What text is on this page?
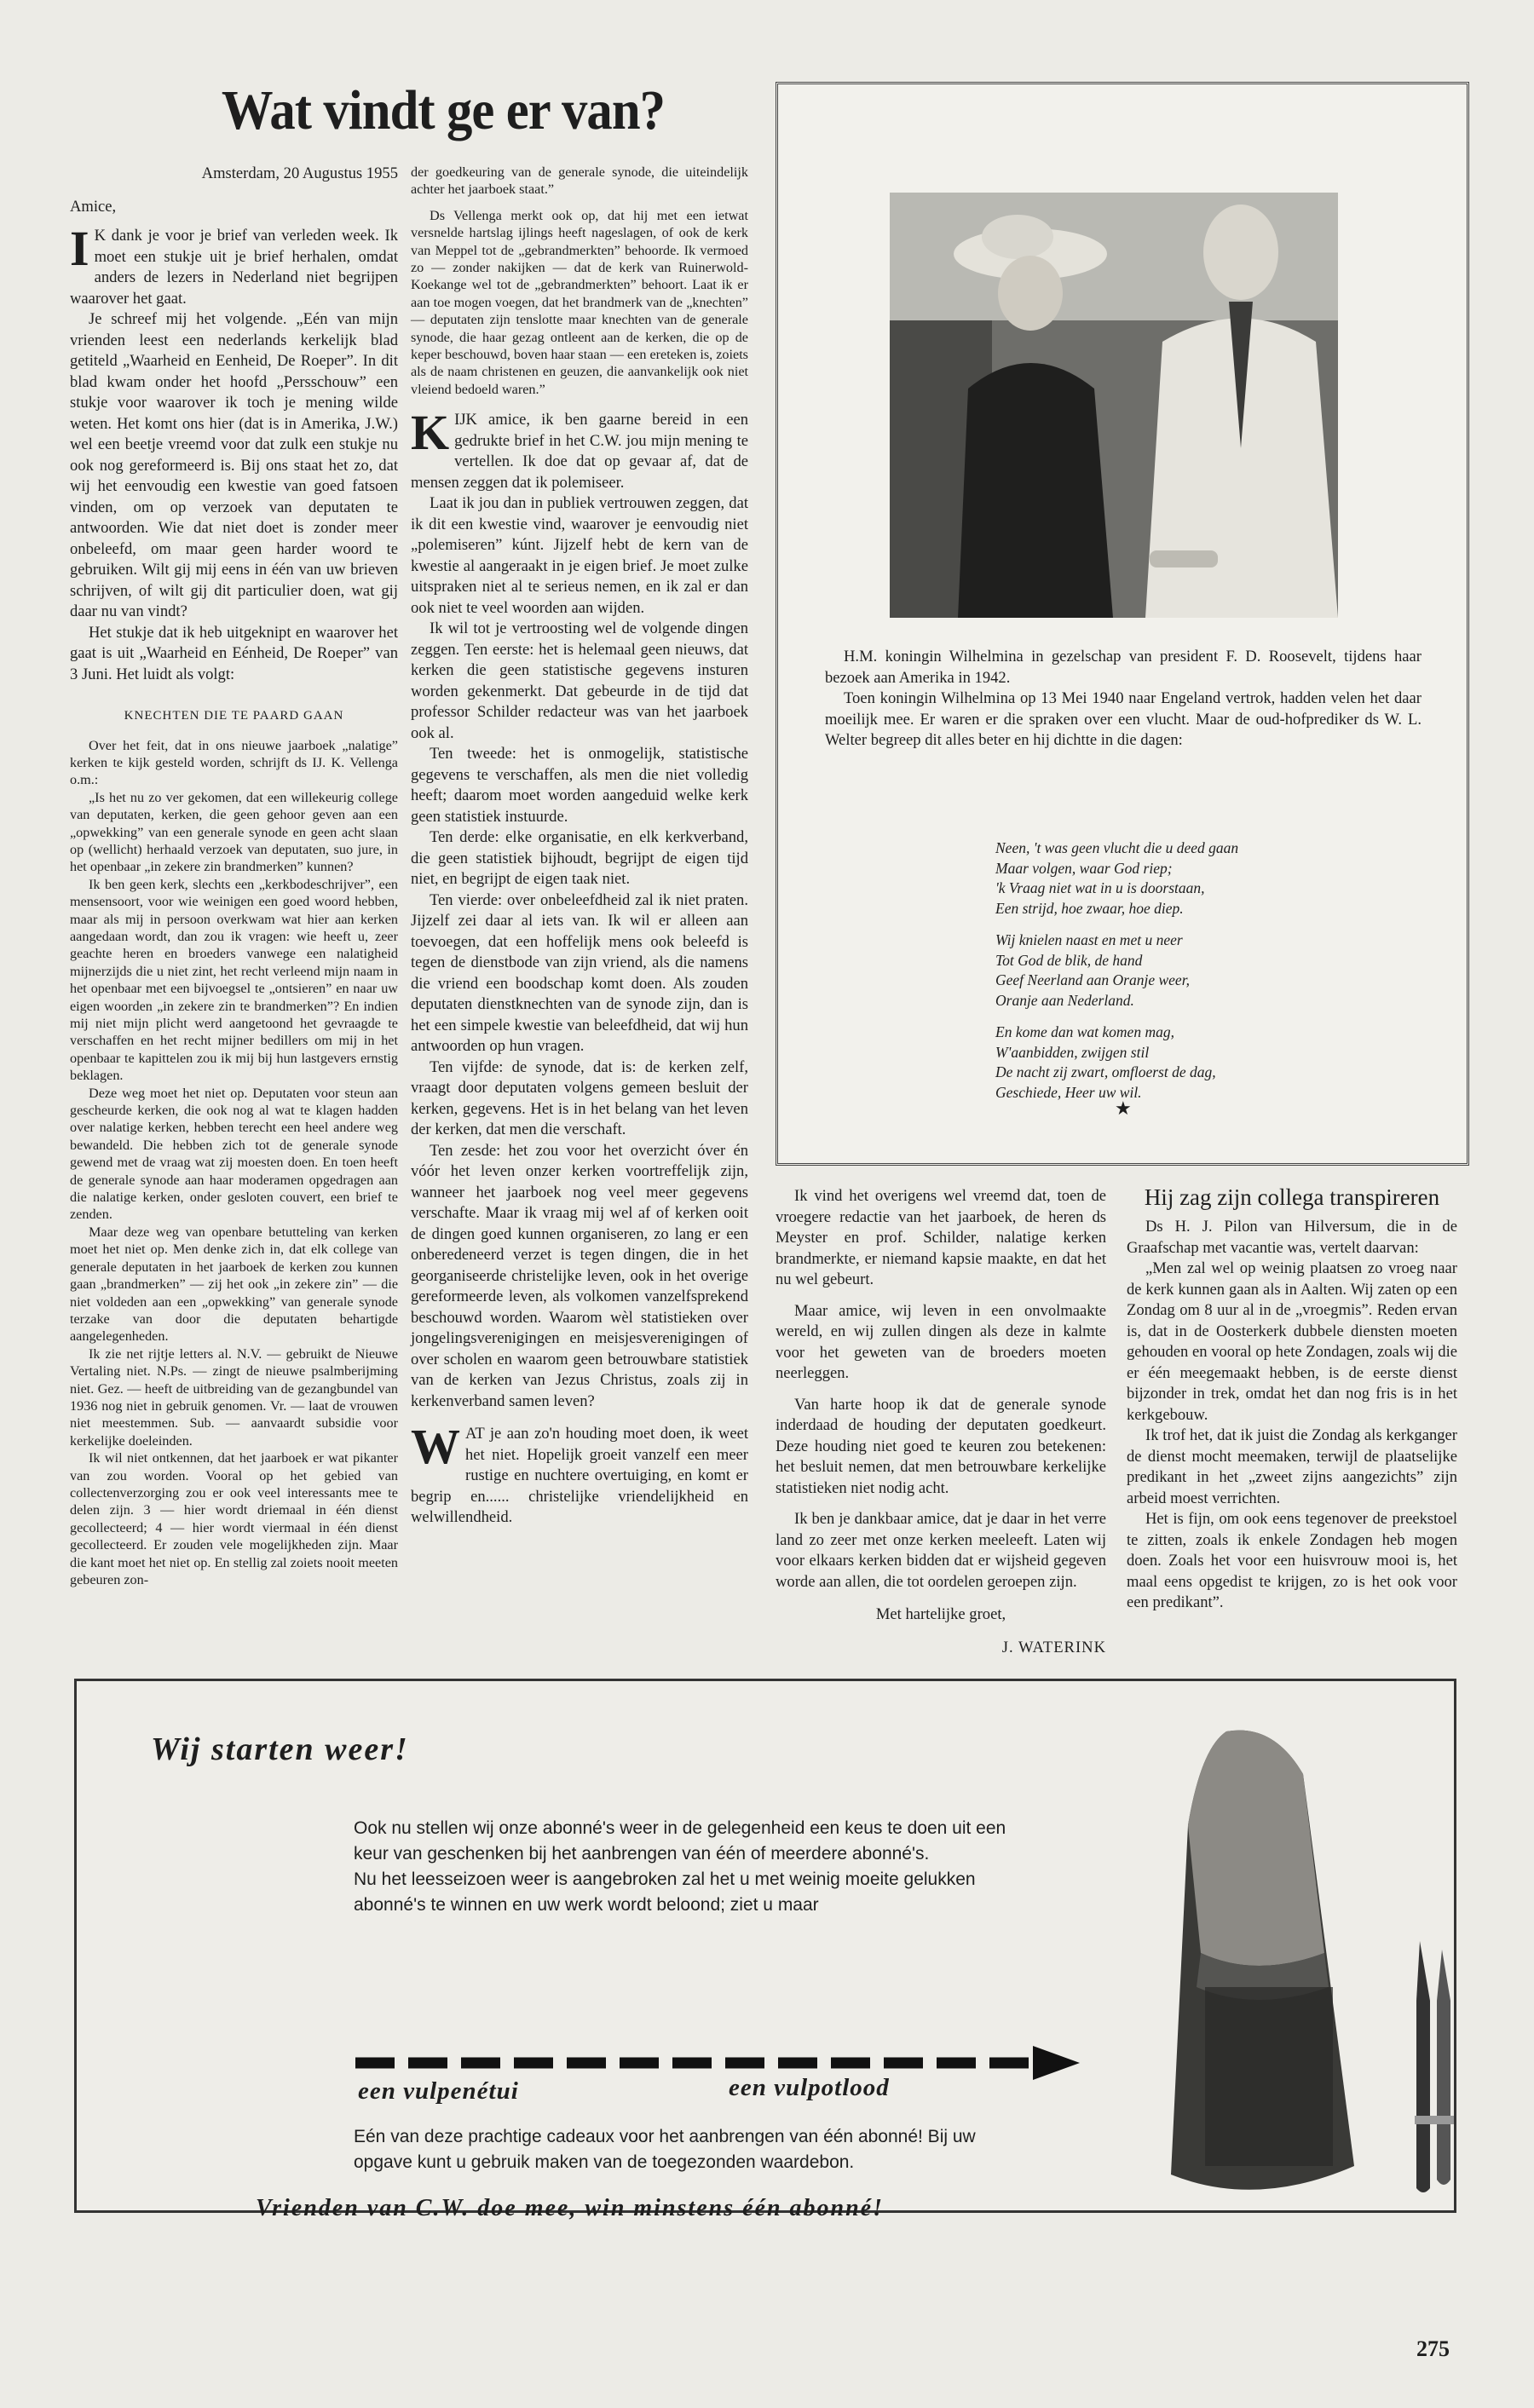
Wat vindt ge er van?
Amsterdam, 20 Augustus 1955

Amice,

I K dank je voor je brief van verleden week. Ik moet een stukje uit je brief herhalen, omdat anders de lezers in Nederland niet begrijpen waarover het gaat.

Je schreef mij het volgende. „Eén van mijn vrienden leest een nederlands kerkelijk blad getiteld „Waarheid en Eenheid, De Roeper”. In dit blad kwam onder het hoofd „Persschouw” een stukje voor waarover ik toch je mening wilde weten. Het komt ons hier (dat is in Amerika, J.W.) wel een beetje vreemd voor dat zulk een stukje nu ook nog gereformeerd is. Bij ons staat het zo, dat wij het eenvoudig een kwestie van goed fatsoen vinden, om op verzoek van deputaten te antwoorden. Wie dat niet doet is zonder meer onbeleefd, om maar geen harder woord te gebruiken. Wilt gij mij eens in één van uw brieven schrijven, of wilt gij dit particulier doen, wat gij daar nu van vindt?

Het stukje dat ik heb uitgeknipt en waarover het gaat is uit „Waarheid en Eénheid, De Roeper” van 3 Juni. Het luidt als volgt:

KNECHTEN DIE TE PAARD GAAN

Over het feit, dat in ons nieuwe jaarboek „nalatige” kerken te kijk gesteld worden, schrijft ds IJ. K. Vellenga o.m.:

„Is het nu zo ver gekomen, dat een willekeurig college van deputaten, kerken, die geen gehoor geven aan een „opwekking” van een generale synode en geen acht slaan op (wellicht) herhaald verzoek van deputaten, suo jure, in het openbaar „in zekere zin brandmerken” kunnen?

Ik ben geen kerk, slechts een „kerkbodeschrijver”, een mensensoort, voor wie weinigen een goed woord hebben, maar als mij in persoon overkwam wat hier aan kerken aangedaan wordt, dan zou ik vragen: wie heeft u, zeer geachte heren en broeders vanwege een nalatigheid mijnerzijds die u niet zint, het recht verleend mijn naam in het openbaar met een bijvoegsel te „ontsieren” en naar uw eigen woorden „in zekere zin te brandmerken”? En indien mij niet mijn plicht werd aangetoond het gevraagde te verschaffen en het recht mijner bedillers om mij in het openbaar te kapittelen zou ik mij bij hun lastgevers ernstig beklagen.

Deze weg moet het niet op. Deputaten voor steun aan gescheurde kerken, die ook nog al wat te klagen hadden over nalatige kerken, hebben terecht een heel andere weg bewandeld. Die hebben zich tot de generale synode gewend met de vraag wat zij moesten doen. En toen heeft de generale synode aan haar moderamen opgedragen aan die nalatige kerken, onder gesloten couvert, een brief te zenden.

Maar deze weg van openbare betutteling van kerken moet het niet op. Men denke zich in, dat elk college van generale deputaten in het jaarboek de kerken zou kunnen gaan „brandmerken” — zij het ook „in zekere zin” — die niet voldeden aan een „opwekking” van generale synode terzake van door die deputaten behartigde aangelegenheden.

Ik zie net rijtje letters al. N.V. — gebruikt de Nieuwe Vertaling niet. N.Ps. — zingt de nieuwe psalmberijming niet. Gez. — heeft de uitbreiding van de gezangbundel van 1936 nog niet in gebruik genomen. Vr. — laat de vrouwen niet meestemmen. Sub. — aanvaardt subsidie voor kerkelijke doeleinden.

Ik wil niet ontkennen, dat het jaarboek er wat pikanter van zou worden. Vooral op het gebied van collectenverzorging zou er ook veel interessants mee te delen zijn. 3 — hier wordt driemaal in één dienst gecollecteerd; 4 — hier wordt viermaal in één dienst gecollecteerd. Er zouden vele mogelijkheden zijn. Maar die kant moet het niet op. En stellig zal zoiets nooit meeten gebeuren zon-

der goedkeuring van de generale synode, die uiteindelijk achter het jaarboek staat.”

Ds Vellenga merkt ook op, dat hij met een ietwat versnelde hartslag ijlings heeft nageslagen, of ook de kerk van Meppel tot de „gebrandmerkten” behoorde. Ik vermoed zo — zonder nakijken — dat de kerk van Ruinerwold-Koekange wel tot de „gebrandmerkten” behoort. Laat ik er aan toe mogen voegen, dat het brandmerk van de „knechten” — deputaten zijn tenslotte maar knechten van de generale synode, die haar gezag ontleent aan de kerken, die op de keper beschouwd, boven haar staan — een ereteken is, zoiets als de naam christenen en geuzen, die aanvankelijk ook niet vleiend bedoeld waren.”

KIJK amice, ik ben gaarne bereid in een gedrukte brief in het C.W. jou mijn mening te vertellen. Ik doe dat op gevaar af, dat de mensen zeggen dat ik polemiseer.

Laat ik jou dan in publiek vertrouwen zeggen, dat ik dit een kwestie vind, waarover je eenvoudig niet „polemiseren” kúnt. Jijzelf hebt de kern van de kwestie al aangeraakt in je eigen brief. Je moet zulke uitspraken niet al te serieus nemen, en ik zal er dan ook niet te veel woorden aan wijden.

Ik wil tot je vertroosting wel de volgende dingen zeggen. Ten eerste: het is helemaal geen nieuws, dat kerken die geen statistische gegevens insturen worden gekenmerkt. Dat gebeurde in de tijd dat professor Schilder redacteur was van het jaarboek ook al.

Ten tweede: het is onmogelijk, statistische gegevens te verschaffen, als men die niet volledig heeft; daarom moet worden aangeduid welke kerk geen statistiek instuurde.

Ten derde: elke organisatie, en elk kerkverband, die geen statistiek bijhoudt, begrijpt de eigen tijd niet, en begrijpt de eigen taak niet.

Ten vierde: over onbeleefdheid zal ik niet praten. Jijzelf zei daar al iets van. Ik wil er alleen aan toevoegen, dat een hoffelijk mens ook beleefd is tegen de dienstbode van zijn vriend, als die namens die vriend een boodschap komt doen. Als zouden deputaten dienstknechten van de synode zijn, dan is het een simpele kwestie van beleefdheid, dat wij hun antwoorden op hun vragen.

Ten vijfde: de synode, dat is: de kerken zelf, vraagt door deputaten volgens gemeen besluit der kerken, gegevens. Het is in het belang van het leven der kerken, dat men die verschaft.

Ten zesde: het zou voor het overzicht óver én vóór het leven onzer kerken voortreffelijk zijn, wanneer het jaarboek nog veel meer gegevens verschafte. Maar ik vraag mij wel af of kerken ooit de dingen goed kunnen organiseren, zo lang er een onberedeneerd verzet is tegen dingen, die in het georganiseerde christelijke leven, ook in het overige gereformeerde leven, als volkomen vanzelfsprekend beschouwd worden. Waarom wèl statistieken over jongelingsverenigingen en meisjesverenigingen of over scholen en waarom geen betrouwbare statistiek van de kerken van Jezus Christus, zoals zij in kerkenverband samen leven?

WAT je aan zo'n houding moet doen, ik weet het niet. Hopelijk groeit vanzelf een meer rustige en nuchtere overtuiging, en komt er begrip en...... christelijke vriendelijkheid en welwillendheid.

H.M. koningin Wilhelmina in gezelschap van president F. D. Roosevelt, tijdens haar bezoek aan Amerika in 1942.

Toen koningin Wilhelmina op 13 Mei 1940 naar Engeland vertrok, hadden velen het daar moeilijk mee. Er waren er die spraken over een vlucht. Maar de oud-hofprediker ds W. L. Welter begreep dit alles beter en hij dichtte in die dagen:

Neen, 't was geen vlucht die u deed gaan
Maar volgen, waar God riep;
'k Vraag niet wat in u is doorstaan,
Een strijd, hoe zwaar, hoe diep.
Wij knielen naast en met u neer
Tot God de blik, de hand
Geef Neerland aan Oranje weer,
Oranje aan Nederland.
En kome dan wat komen mag,
W'aanbidden, zwijgen stil
De nacht zij zwart, omfloerst de dag,
Geschiede, Heer uw wil.
★

Ik vind het overigens wel vreemd dat, toen de vroegere redactie van het jaarboek, de heren ds Meyster en prof. Schilder, nalatige kerken brandmerkte, er niemand kapsie maakte, en dat het nu wel gebeurt.

Maar amice, wij leven in een onvolmaakte wereld, en wij zullen dingen als deze in kalmte voor het geweten van de broeders moeten neerleggen.

Van harte hoop ik dat de generale synode inderdaad de houding der deputaten goedkeurt. Deze houding niet goed te keuren zou betekenen: het besluit nemen, dat men betrouwbare kerkelijke statistieken niet nodig acht.

Ik ben je dankbaar amice, dat je daar in het verre land zo zeer met onze kerken meeleeft. Laten wij voor elkaars kerken bidden dat er wijsheid gegeven worde aan allen, die tot oordelen geroepen zijn.

Met hartelijke groet,
J. WATERINK
Hij zag zijn collega transpireren

Ds H. J. Pilon van Hilversum, die in de Graafschap met vacantie was, vertelt daarvan:

„Men zal wel op weinig plaatsen zo vroeg naar de kerk kunnen gaan als in Aalten. Wij zaten op een Zondag om 8 uur al in de „vroegmis”. Reden ervan is, dat in de Oosterkerk dubbele diensten moeten gehouden en vooral op hete Zondagen, zoals wij die er één meegemaakt hebben, is de eerste dienst bijzonder in trek, omdat het dan nog fris is in het kerkgebouw.

Ik trof het, dat ik juist die Zondag als kerkganger de dienst mocht meemaken, terwijl de plaatselijke predikant in het „zweet zijns aangezichts” zijn arbeid moest verrichten.

Het is fijn, om ook eens tegenover de preekstoel te zitten, zoals ik enkele Zondagen heb mogen doen. Zoals het voor een huisvrouw mooi is, het maal eens opgedist te krijgen, zo is het ook voor een predikant”.

Wij starten weer!

Ook nu stellen wij onze abonné's weer in de gelegenheid een keus te doen uit een keur van geschenken bij het aanbrengen van één of meerdere abonné's.

Nu het leesseizoen weer is aangebroken zal het u met weinig moeite gelukken abonné's te winnen en uw werk wordt beloond; ziet u maar

een vulpenétui	een vulpotlood

Eén van deze prachtige cadeaux voor het aanbrengen van één abonné! Bij uw opgave kunt u gebruik maken van de toegezonden waardebon.

Vrienden van C.W. doe mee, win minstens één abonné!
275
